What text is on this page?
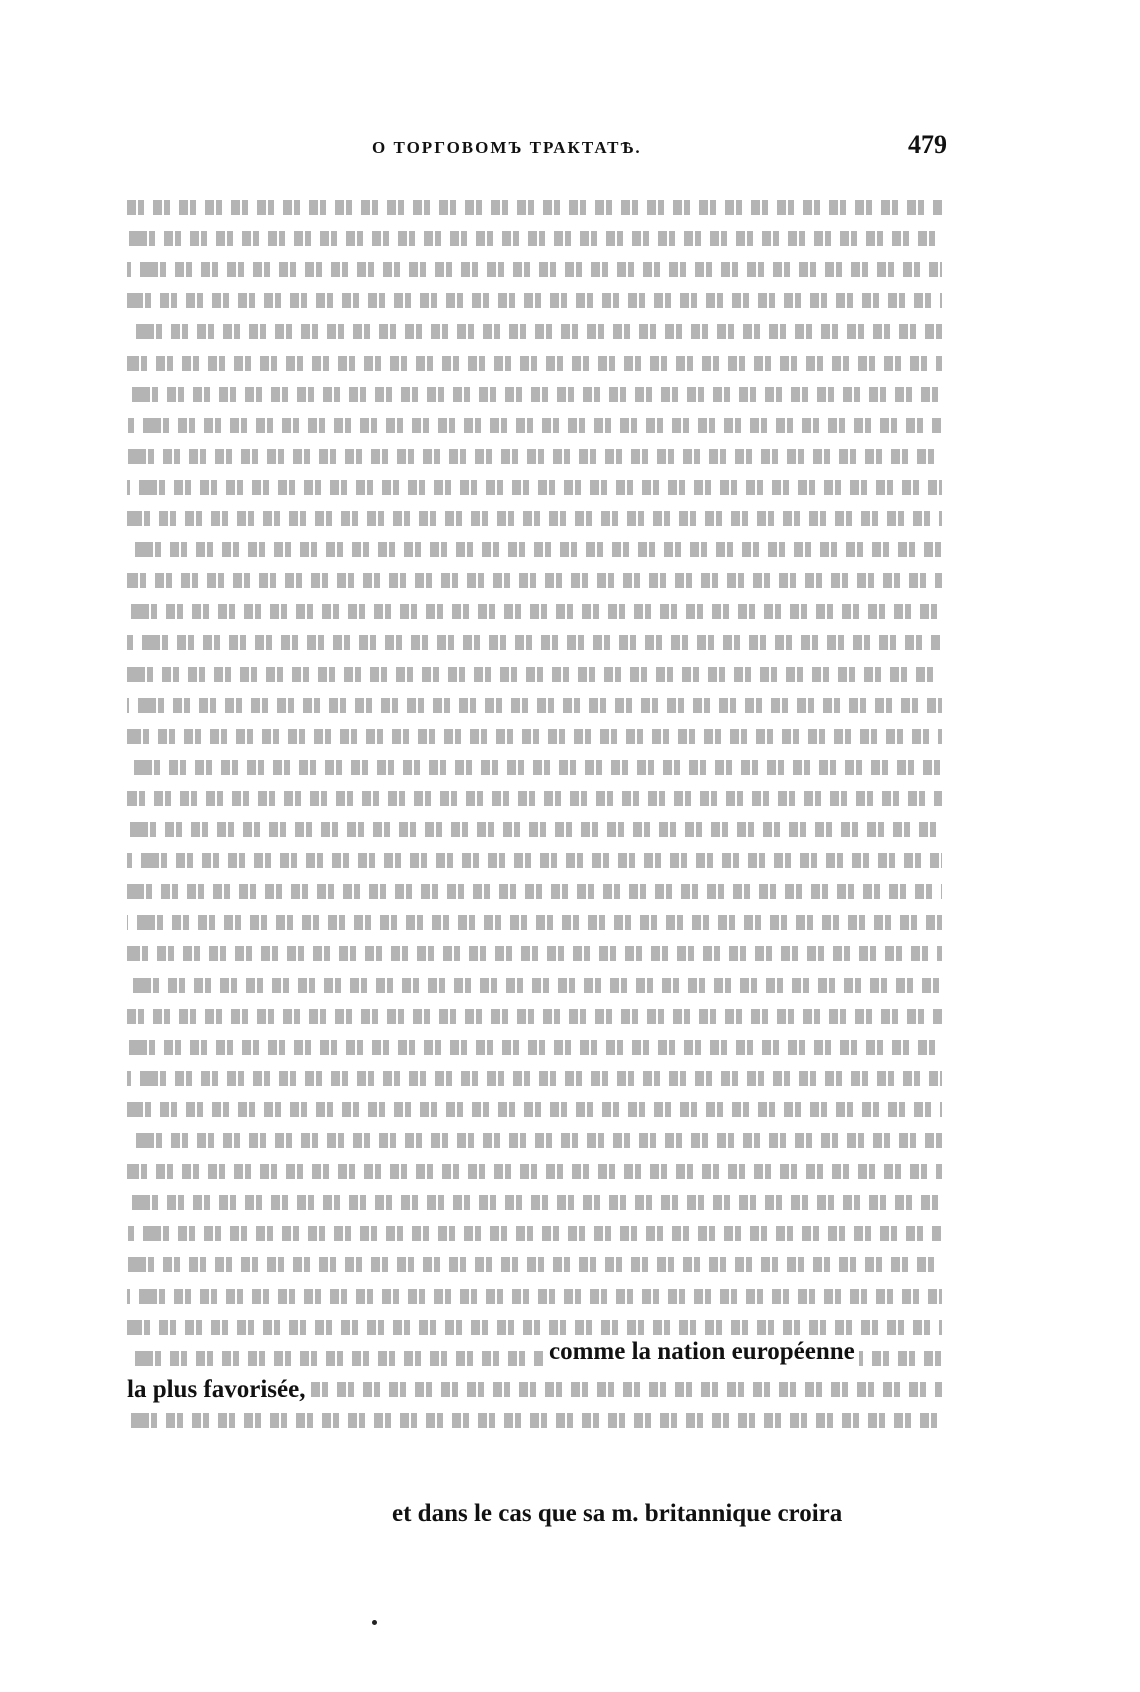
О ТОРГОВОМЪ ТРАКТАТѢ.	479
comme la nation européenne
la plus favorisée,
et dans le cas que sa m. britannique croira
